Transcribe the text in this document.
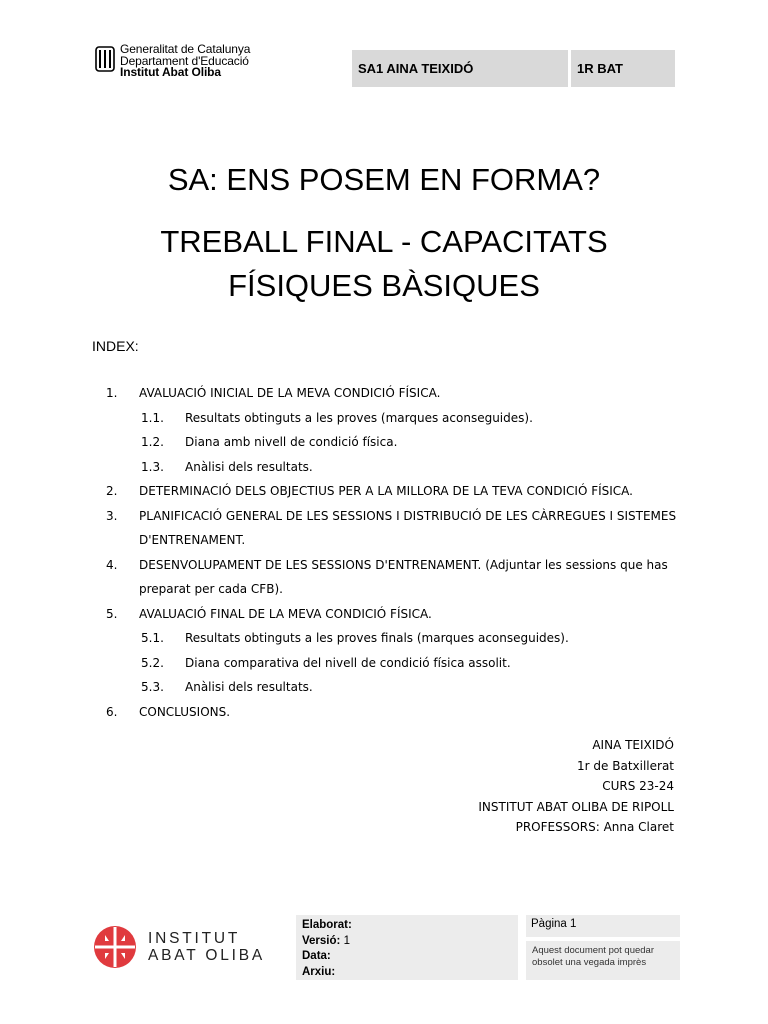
Generalitat de Catalunya
Departament d'Educació
Institut Abat Oliba	SA1 AINA TEIXIDÓ	1R BAT
SA: ENS POSEM EN FORMA?
TREBALL FINAL - CAPACITATS
FÍSIQUES BÀSIQUES
INDEX:
1. AVALUACIÓ INICIAL DE LA MEVA CONDICIÓ FÍSICA.
1.1. Resultats obtinguts a les proves (marques aconseguides).
1.2. Diana amb nivell de condició física.
1.3. Anàlisi dels resultats.
2. DETERMINACIÓ DELS OBJECTIUS PER A LA MILLORA DE LA TEVA CONDICIÓ FÍSICA.
3. PLANIFICACIÓ GENERAL DE LES SESSIONS I DISTRIBUCIÓ DE LES CÀRREGUES I SISTEMES
D'ENTRENAMENT.
4. DESENVOLUPAMENT DE LES SESSIONS D'ENTRENAMENT. (Adjuntar les sessions que has
preparat per cada CFB).
5. AVALUACIÓ FINAL DE LA MEVA CONDICIÓ FÍSICA.
5.1. Resultats obtinguts a les proves finals (marques aconseguides).
5.2. Diana comparativa del nivell de condició física assolit.
5.3. Anàlisi dels resultats.
6. CONCLUSIONS.
AINA TEIXIDÓ
1r de Batxillerat
CURS 23-24
INSTITUT ABAT OLIBA DE RIPOLL
PROFESSORS: Anna Claret
INSTITUT
ABAT OLIBA
Elaborat:
Versió: 1
Data:
Arxiu:
Pàgina 1
Aquest document pot quedar obsolet una vegada imprès
